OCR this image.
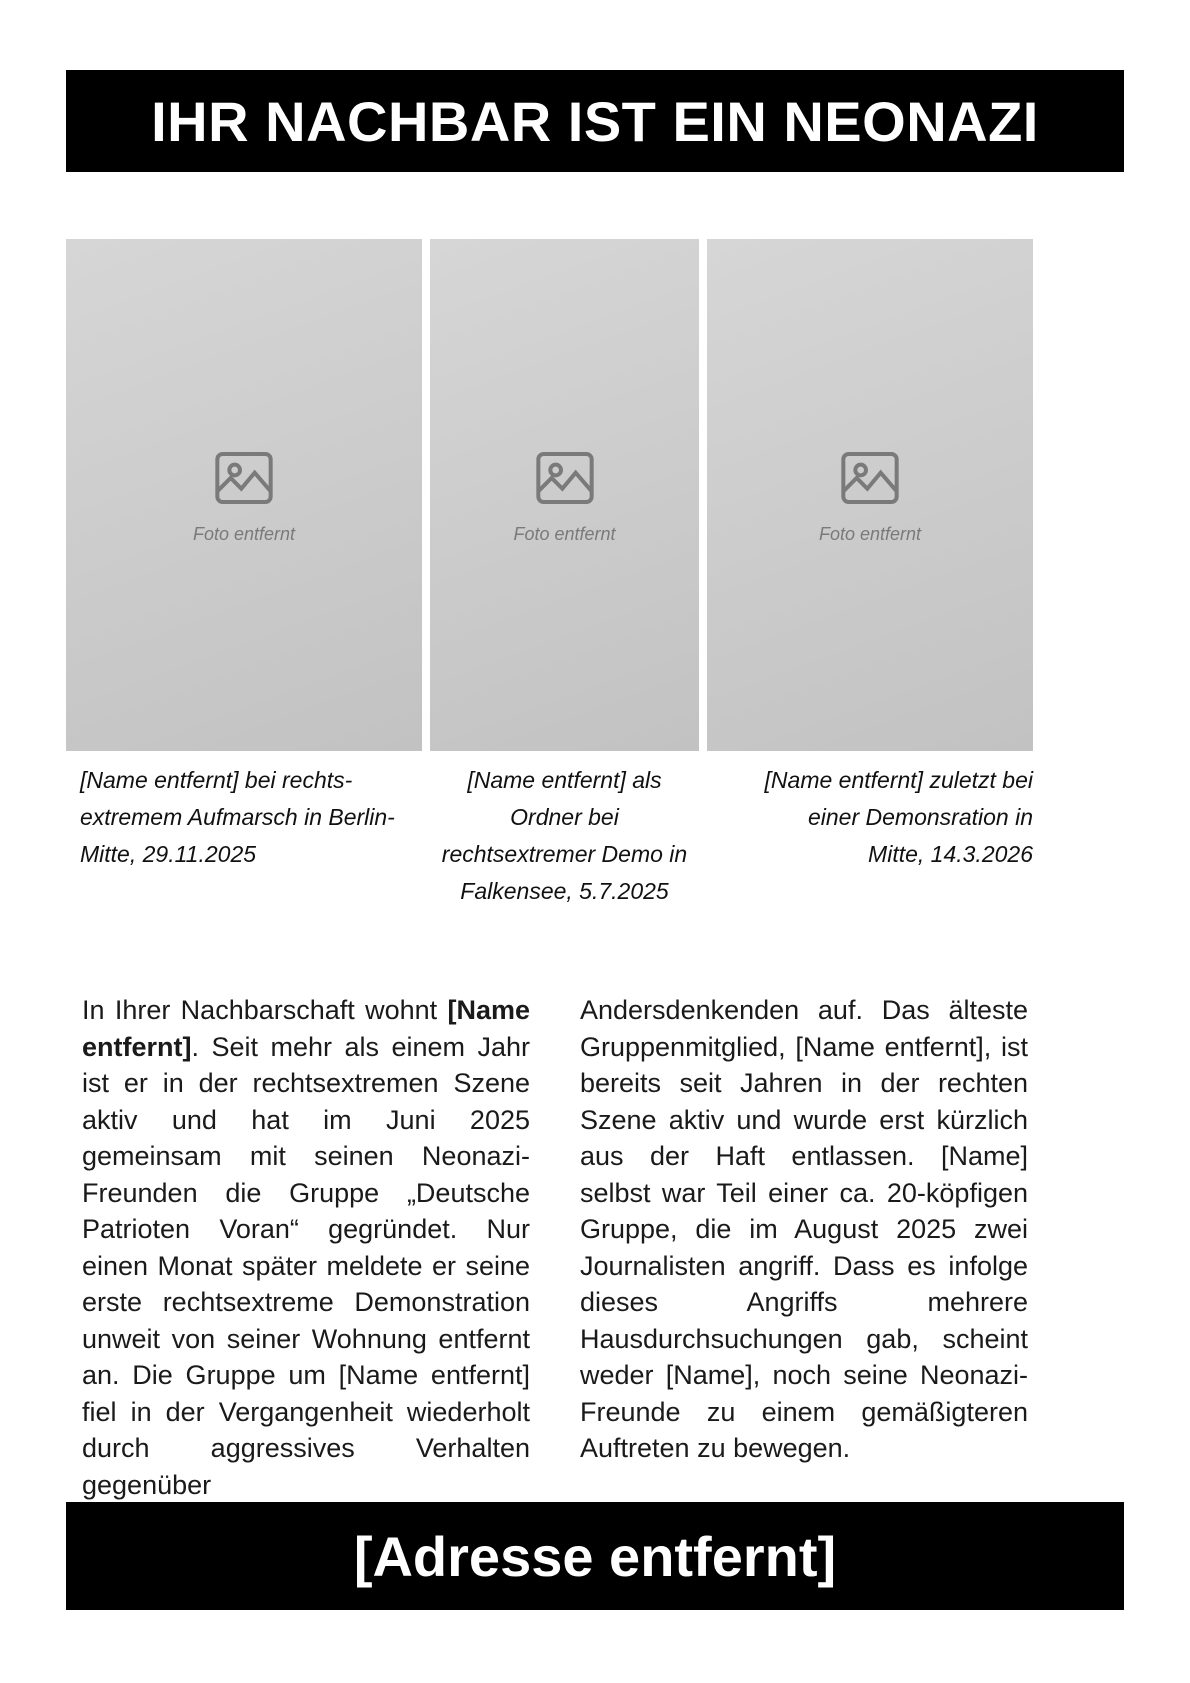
IHR NACHBAR IST EIN NEONAZI
Foto entfernt
[Name entfernt] bei rechts-
extremem Aufmarsch in Berlin-
Mitte, 29.11.2025
Foto entfernt
[Name entfernt] als Ordner bei
rechtsextremer Demo in
Falkensee, 5.7.2025
Foto entfernt
[Name entfernt] zuletzt bei
einer Demonsration in
Mitte, 14.3.2026

In Ihrer Nachbarschaft wohnt [Name entfernt]. Seit mehr als einem Jahr ist er in der rechtsextremen Szene aktiv und hat im Juni 2025 gemeinsam mit seinen Neonazi-Freunden die Gruppe „Deutsche Patrioten Voran“ gegründet. Nur einen Monat später meldete er seine erste rechtsextreme Demonstration unweit von seiner Wohnung entfernt an. Die Gruppe um [Name entfernt] fiel in der Vergangenheit wiederholt durch aggressives Verhalten gegenüber

Andersdenkenden auf. Das älteste Gruppenmitglied, [Name entfernt], ist bereits seit Jahren in der rechten Szene aktiv und wurde erst kürzlich aus der Haft entlassen. [Name] selbst war Teil einer ca. 20-köpfigen Gruppe, die im August 2025 zwei Journalisten angriff. Dass es infolge dieses Angriffs mehrere Hausdurchsuchungen gab, scheint weder [Name], noch seine Neonazi-Freunde zu einem gemäßigteren Auftreten zu bewegen.

[Adresse entfernt]
